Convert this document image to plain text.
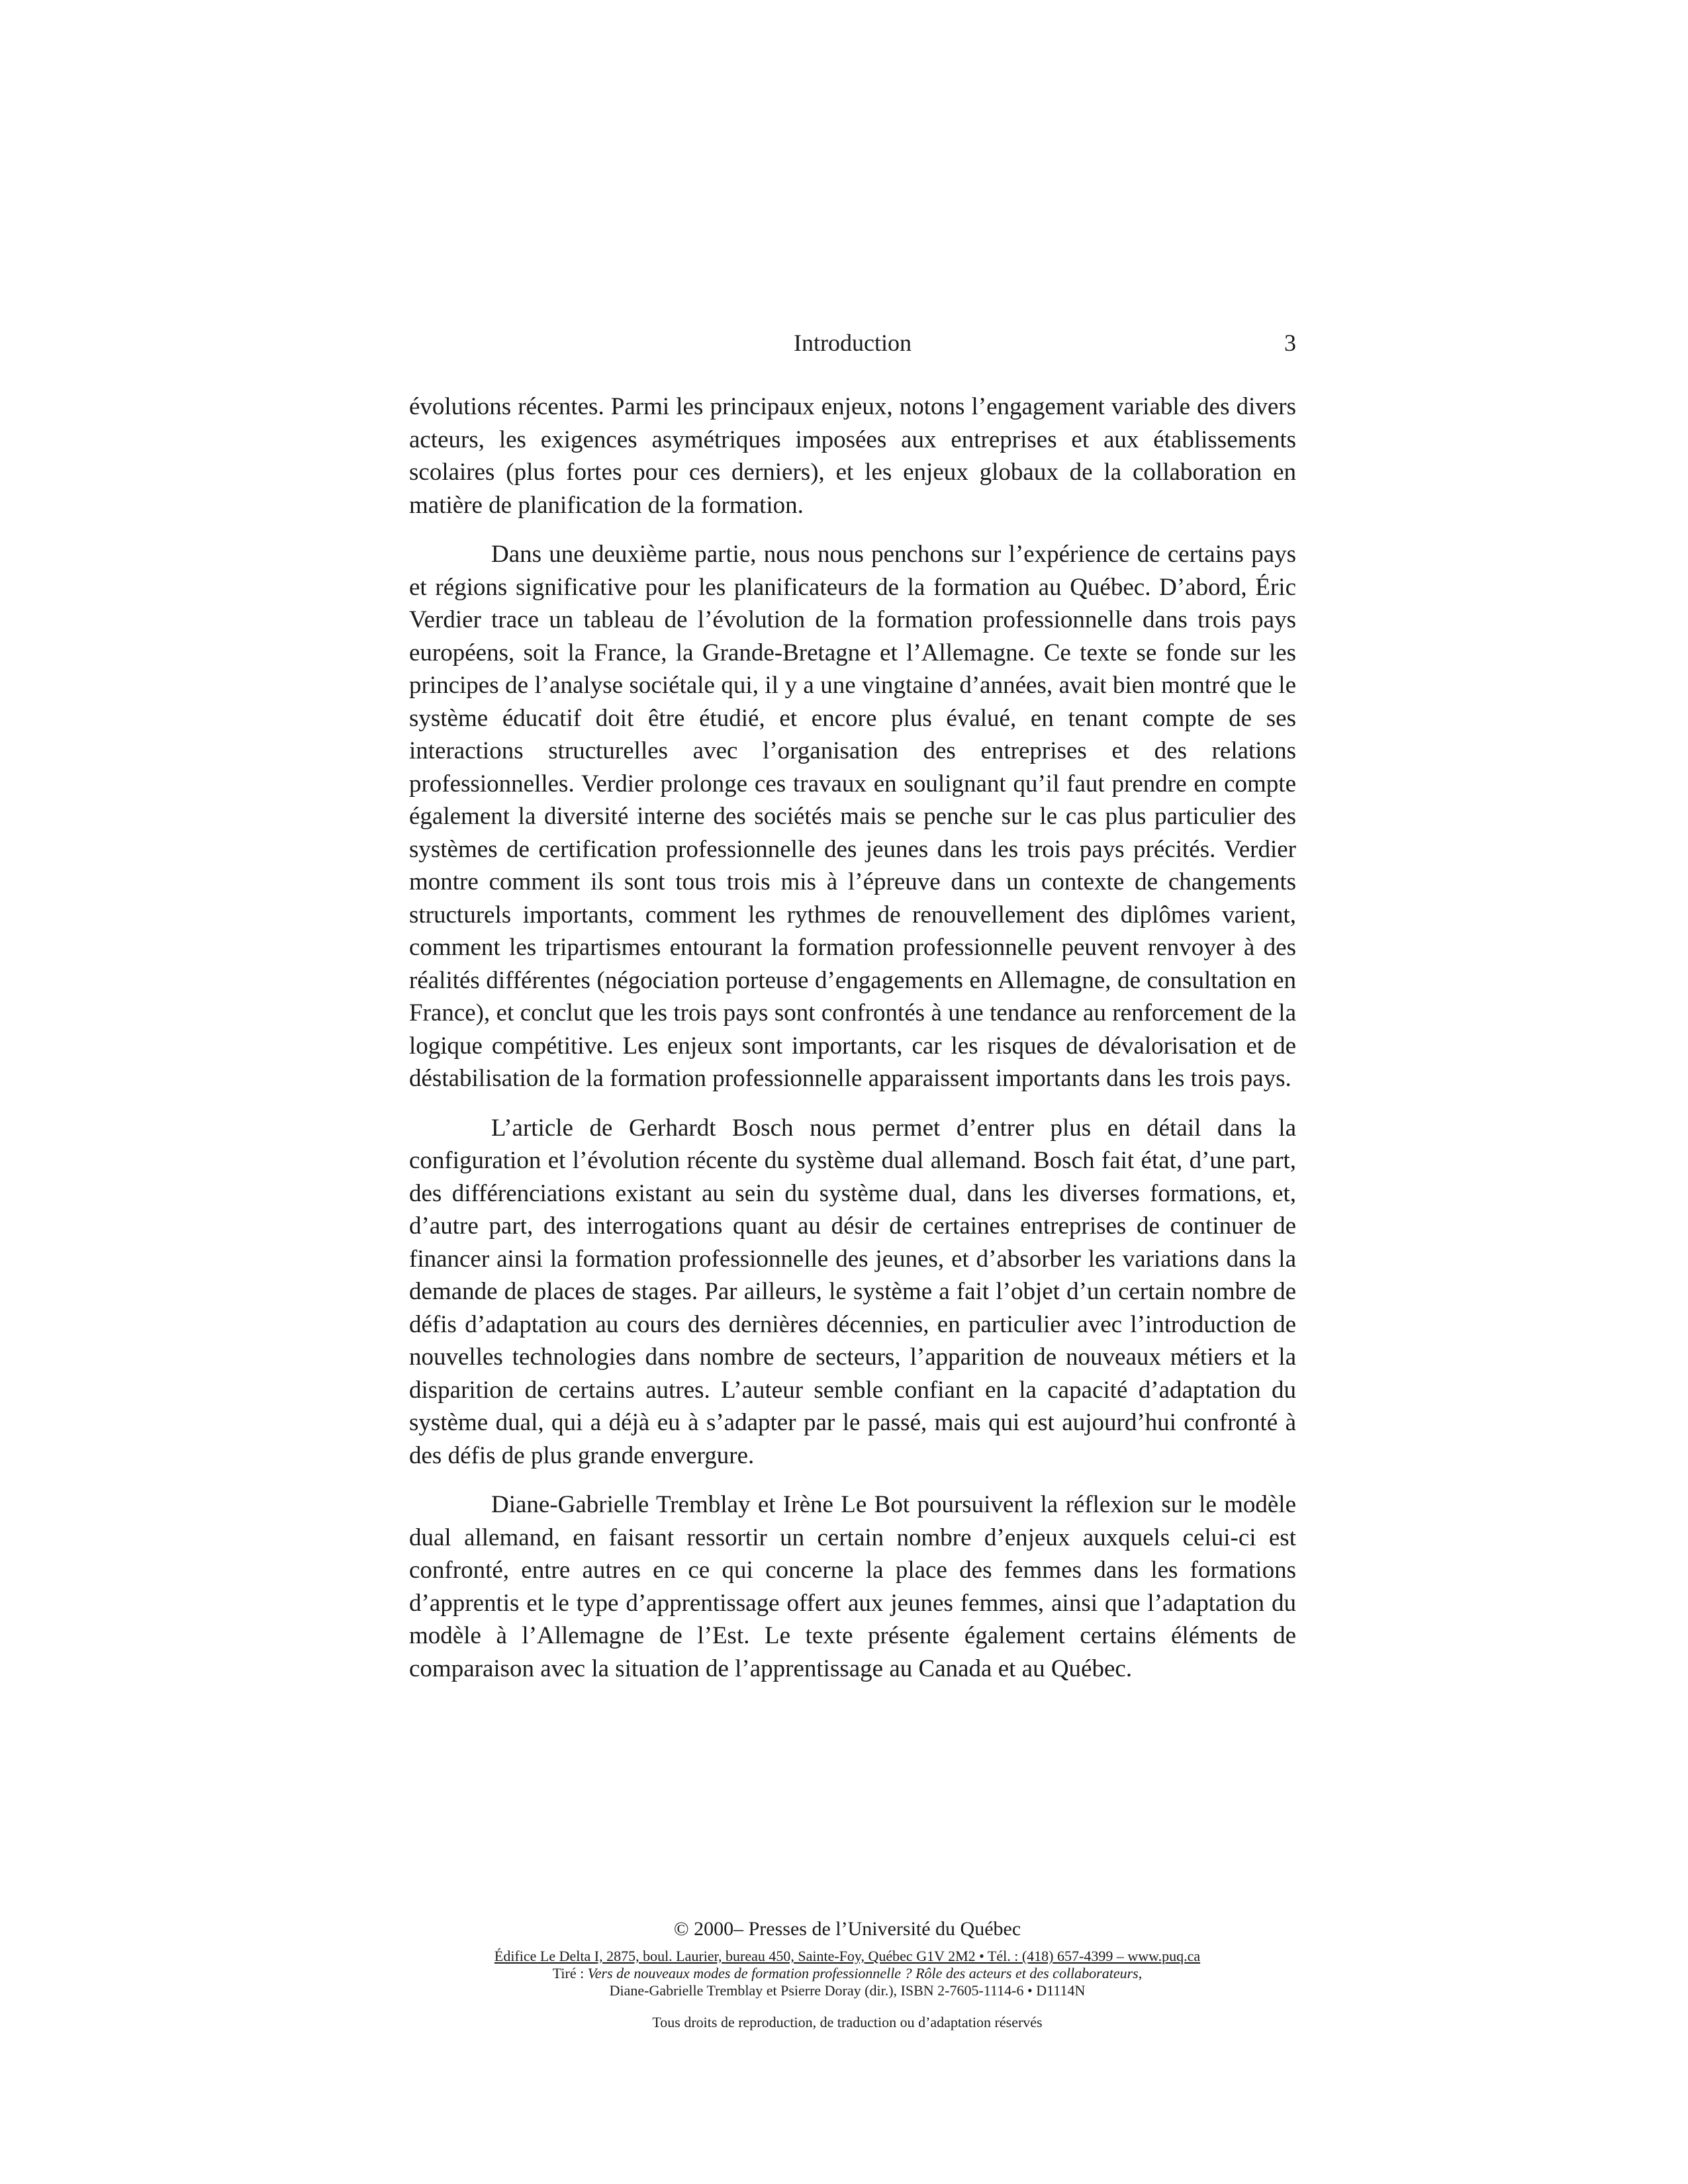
Introduction	3

évolutions récentes. Parmi les principaux enjeux, notons l’engagement variable des divers acteurs, les exigences asymétriques imposées aux entreprises et aux établissements scolaires (plus fortes pour ces derniers), et les enjeux globaux de la collaboration en matière de planification de la formation.

Dans une deuxième partie, nous nous penchons sur l’expérience de certains pays et régions significative pour les planificateurs de la formation au Québec. D’abord, Éric Verdier trace un tableau de l’évolution de la formation professionnelle dans trois pays européens, soit la France, la Grande-Bretagne et l’Allemagne. Ce texte se fonde sur les principes de l’analyse sociétale qui, il y a une vingtaine d’années, avait bien montré que le système éducatif doit être étudié, et encore plus évalué, en tenant compte de ses interactions structurelles avec l’organisation des entreprises et des relations professionnelles. Verdier prolonge ces travaux en soulignant qu’il faut prendre en compte également la diversité interne des sociétés mais se penche sur le cas plus particulier des systèmes de certification professionnelle des jeunes dans les trois pays précités. Verdier montre comment ils sont tous trois mis à l’épreuve dans un contexte de changements structurels importants, comment les rythmes de renouvellement des diplômes varient, comment les tripartismes entourant la formation professionnelle peuvent renvoyer à des réalités différentes (négociation porteuse d’engagements en Allemagne, de consultation en France), et conclut que les trois pays sont confrontés à une tendance au renforcement de la logique compétitive. Les enjeux sont importants, car les risques de dévalorisation et de déstabilisation de la formation professionnelle apparaissent importants dans les trois pays.

L’article de Gerhardt Bosch nous permet d’entrer plus en détail dans la configuration et l’évolution récente du système dual allemand. Bosch fait état, d’une part, des différenciations existant au sein du système dual, dans les diverses formations, et, d’autre part, des interrogations quant au désir de certaines entreprises de continuer de financer ainsi la formation professionnelle des jeunes, et d’absorber les variations dans la demande de places de stages. Par ailleurs, le système a fait l’objet d’un certain nombre de défis d’adaptation au cours des dernières décennies, en particulier avec l’introduction de nouvelles technologies dans nombre de secteurs, l’apparition de nouveaux métiers et la disparition de certains autres. L’auteur semble confiant en la capacité d’adaptation du système dual, qui a déjà eu à s’adapter par le passé, mais qui est aujourd’hui confronté à des défis de plus grande envergure.

Diane-Gabrielle Tremblay et Irène Le Bot poursuivent la réflexion sur le modèle dual allemand, en faisant ressortir un certain nombre d’enjeux auxquels celui-ci est confronté, entre autres en ce qui concerne la place des femmes dans les formations d’apprentis et le type d’apprentissage offert aux jeunes femmes, ainsi que l’adaptation du modèle à l’Allemagne de l’Est. Le texte présente également certains éléments de comparaison avec la situation de l’apprentissage au Canada et au Québec.

© 2000– Presses de l’Université du Québec
Édifice Le Delta I, 2875, boul. Laurier, bureau 450, Sainte-Foy, Québec G1V 2M2 • Tél. : (418) 657-4399 – www.puq.ca
Tiré : Vers de nouveaux modes de formation professionnelle ? Rôle des acteurs et des collaborateurs,
Diane-Gabrielle Tremblay et Psierre Doray (dir.), ISBN 2-7605-1114-6 • D1114N
Tous droits de reproduction, de traduction ou d’adaptation réservés
